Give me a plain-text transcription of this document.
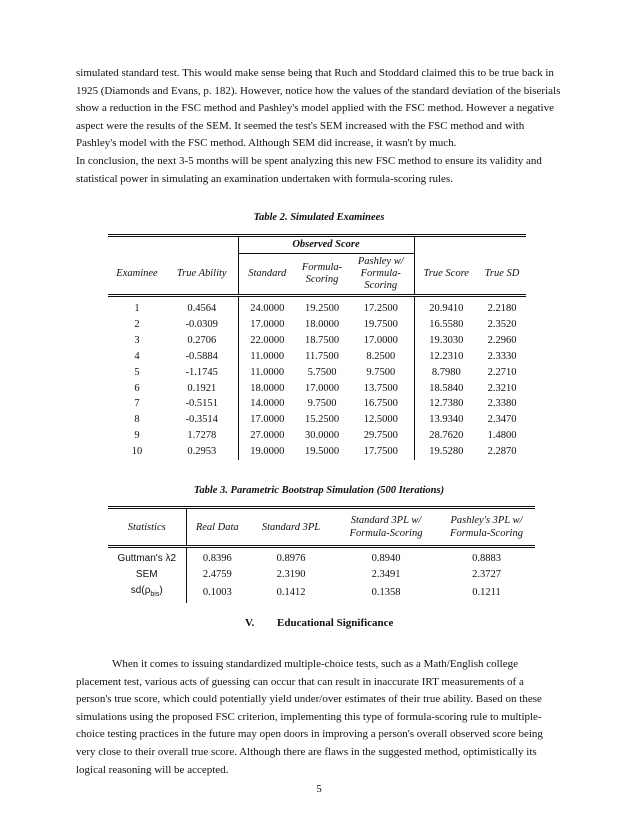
simulated standard test. This would make sense being that Ruch and Stoddard claimed this to be true back in 1925 (Diamonds and Evans, p. 182). However, notice how the values of the standard deviation of the biserials show a reduction in the FSC method and Pashley's model applied with the FSC method. However a negative aspect were the results of the SEM. It seemed the test's SEM increased with the FSC method and with Pashley's model with the FSC method. Although SEM did increase, it wasn't by much.

In conclusion, the next 3-5 months will be spent analyzing this new FSC method to ensure its validity and statistical power in simulating an examination undertaken with formula-scoring rules.

Table 2. Simulated Examinees
		Observed Score				
Examinee	True Ability	Standard	Formula-Scoring	Pashley w/ Formula-Scoring	True Score	True SD
1	0.4564	24.0000	19.2500	17.2500	20.9410	2.2180
2	-0.0309	17.0000	18.0000	19.7500	16.5580	2.3520
3	0.2706	22.0000	18.7500	17.0000	19.3030	2.2960
4	-0.5884	11.0000	11.7500	8.2500	12.2310	2.3330
5	-1.1745	11.0000	5.7500	9.7500	8.7980	2.2710
6	0.1921	18.0000	17.0000	13.7500	18.5840	2.3210
7	-0.5151	14.0000	9.7500	16.7500	12.7380	2.3380
8	-0.3514	17.0000	15.2500	12.5000	13.9340	2.3470
9	1.7278	27.0000	30.0000	29.7500	28.7620	1.4800
10	0.2953	19.0000	19.5000	17.7500	19.5280	2.2870
Table 3. Parametric Bootstrap Simulation (500 Iterations)
Statistics	Real Data	Standard 3PL	Standard 3PL w/ Formula-Scoring	Pashley's 3PL w/ Formula-Scoring
Guttman's λ2	0.8396	0.8976	0.8940	0.8883
SEM	2.4759	2.3190	2.3491	2.3727
$sd(\rho_{bis})$	0.1003	0.1412	0.1358	0.1211
V. Educational Significance

When it comes to issuing standardized multiple-choice tests, such as a Math/English college placement test, various acts of guessing can occur that can result in inaccurate IRT measurements of a person's true score, which could potentially yield under/over estimates of their true ability. Based on these simulations using the proposed FSC criterion, implementing this type of formula-scoring rule to multiple-choice testing practices in the future may open doors in improving a person's overall observed score being very close to their overall true score. Although there are flaws in the suggested method, optimistically its logical reasoning will be accepted.

5
